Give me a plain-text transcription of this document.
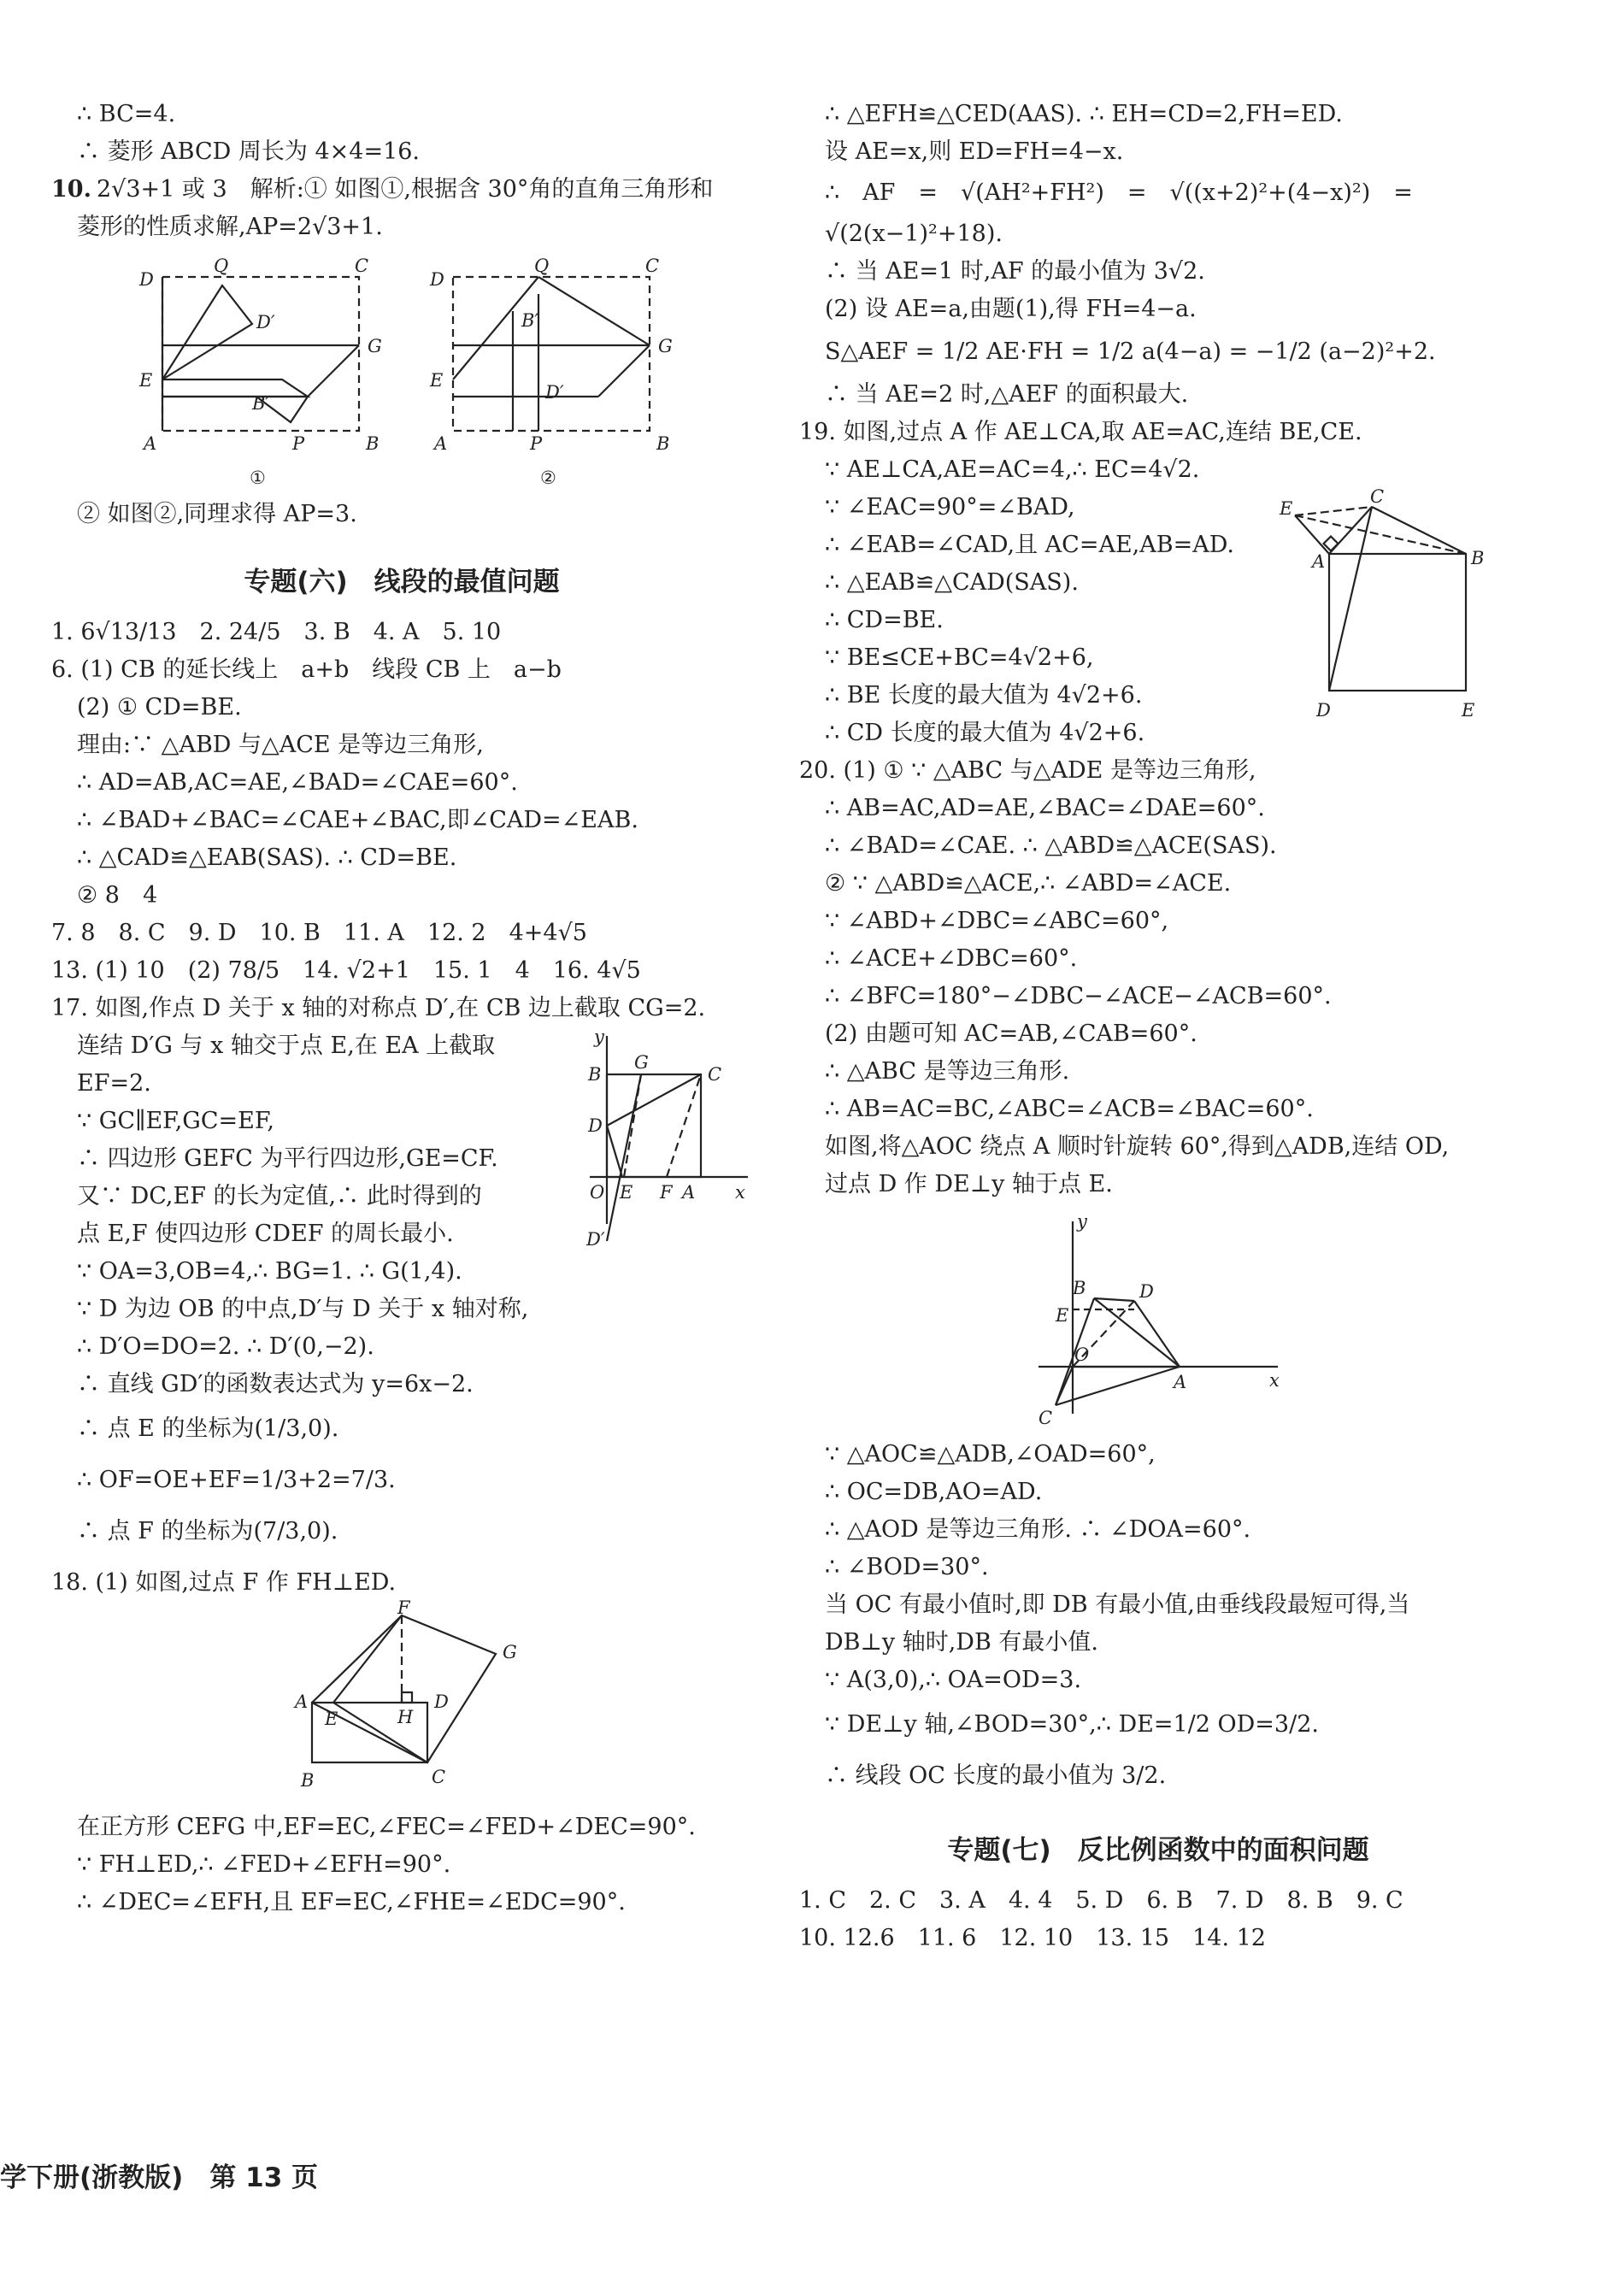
∴ BC=4.
∴ 菱形 ABCD 周长为 4×4=16.
10. 2√3+1 或 3　解析:① 如图①,根据含 30°角的直角三角形和
菱形的性质求解,AP=2√3+1.
D
Q	C
D′
G
E
B′
A	P	B
D
Q	C
B′
G
E
D′
A	P	B
①	②
② 如图②,同理求得 AP=3.
专题(六)　线段的最值问题
1. 6√13/13　2. 24/5　3. B　4. A　5. 10
6. (1) CB 的延长线上　a+b　线段 CB 上　a−b
(2) ① CD=BE.
理由:∵ △ABD 与△ACE 是等边三角形,
∴ AD=AB,AC=AE,∠BAD=∠CAE=60°.
∴ ∠BAD+∠BAC=∠CAE+∠BAC,即∠CAD=∠EAB.
∴ △CAD≌△EAB(SAS). ∴ CD=BE.
② 8　4
7. 8　8. C　9. D　10. B　11. A　12. 2　4+4√5
13. (1) 10　(2) 78/5　14. √2+1　15. 1　4　16. 4√5
17. 如图,作点 D 关于 x 轴的对称点 D′,在 CB 边上截取 CG=2.
连结 D′G 与 x 轴交于点 E,在 EA 上截取
EF=2.
∵ GC∥EF,GC=EF,
∴ 四边形 GEFC 为平行四边形,GE=CF.
又∵ DC,EF 的长为定值,∴ 此时得到的
点 E,F 使四边形 CDEF 的周长最小.
y
B
G
C
D
O E F A x
D′
∵ OA=3,OB=4,∴ BG=1. ∴ G(1,4).
∵ D 为边 OB 的中点,D′与 D 关于 x 轴对称,
∴ D′O=DO=2. ∴ D′(0,−2).
∴ 直线 GD′的函数表达式为 y=6x−2.
∴ 点 E 的坐标为(1/3,0).
∴ OF=OE+EF=1/3+2=7/3.
∴ 点 F 的坐标为(7/3,0).
18. (1) 如图,过点 F 作 FH⊥ED.
F
G
A
E	H
D
B	C
在正方形 CEFG 中,EF=EC,∠FEC=∠FED+∠DEC=90°.
∵ FH⊥ED,∴ ∠FED+∠EFH=90°.
∴ ∠DEC=∠EFH,且 EF=EC,∠FHE=∠EDC=90°.
∴ △EFH≌△CED(AAS). ∴ EH=CD=2,FH=ED.
设 AE=x,则 ED=FH=4−x.
∴　AF　=　√(AH²+FH²)　=　√((x+2)²+(4−x)²)　=
√(2(x−1)²+18).
∴ 当 AE=1 时,AF 的最小值为 3√2.
(2) 设 AE=a,由题(1),得 FH=4−a.
S△AEF = 1/2 AE·FH = 1/2 a(4−a) = −1/2 (a−2)²+2.
∴ 当 AE=2 时,△AEF 的面积最大.
19. 如图,过点 A 作 AE⊥CA,取 AE=AC,连结 BE,CE.
∵ AE⊥CA,AE=AC=4,∴ EC=4√2.
∵ ∠EAC=90°=∠BAD,
∴ ∠EAB=∠CAD,且 AC=AE,AB=AD.
∴ △EAB≌△CAD(SAS).
∴ CD=BE.
∵ BE≤CE+BC=4√2+6,
∴ BE 长度的最大值为 4√2+6.
∴ CD 长度的最大值为 4√2+6.
E
C
A	B
D	E
20. (1) ① ∵ △ABC 与△ADE 是等边三角形,
∴ AB=AC,AD=AE,∠BAC=∠DAE=60°.
∴ ∠BAD=∠CAE. ∴ △ABD≌△ACE(SAS).
② ∵ △ABD≌△ACE,∴ ∠ABD=∠ACE.
∵ ∠ABD+∠DBC=∠ABC=60°,
∴ ∠ACE+∠DBC=60°.
∴ ∠BFC=180°−∠DBC−∠ACE−∠ACB=60°.
(2) 由题可知 AC=AB,∠CAB=60°.
∴ △ABC 是等边三角形.
∴ AB=AC=BC,∠ABC=∠ACB=∠BAC=60°.
如图,将△AOC 绕点 A 顺时针旋转 60°,得到△ADB,连结 OD,
过点 D 作 DE⊥y 轴于点 E.
y
B	D
E
O
A	x
C
∵ △AOC≌△ADB,∠OAD=60°,
∴ OC=DB,AO=AD.
∴ △AOD 是等边三角形. ∴ ∠DOA=60°.
∴ ∠BOD=30°.
当 OC 有最小值时,即 DB 有最小值,由垂线段最短可得,当
DB⊥y 轴时,DB 有最小值.
∵ A(3,0),∴ OA=OD=3.
∵ DE⊥y 轴,∠BOD=30°,∴ DE=1/2 OD=3/2.
∴ 线段 OC 长度的最小值为 3/2.
专题(七)　反比例函数中的面积问题
1. C　2. C　3. A　4. 4　5. D　6. B　7. D　8. B　9. C
10. 12.6　11. 6　12. 10　13. 15　14. 12
学下册(浙教版)　第 13 页
